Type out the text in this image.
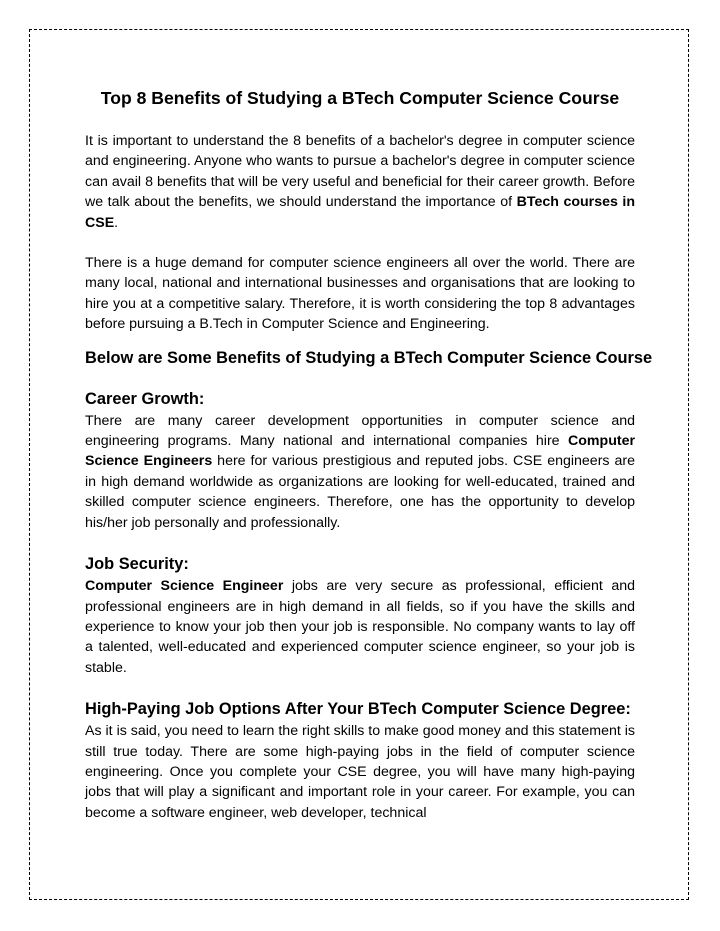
Top 8 Benefits of Studying a BTech Computer Science Course

It is important to understand the 8 benefits of a bachelor's degree in computer science and engineering. Anyone who wants to pursue a bachelor's degree in computer science can avail 8 benefits that will be very useful and beneficial for their career growth. Before we talk about the benefits, we should understand the importance of BTech courses in CSE.

There is a huge demand for computer science engineers all over the world. There are many local, national and international businesses and organisations that are looking to hire you at a competitive salary. Therefore, it is worth considering the top 8 advantages before pursuing a B.Tech in Computer Science and Engineering.

Below are Some Benefits of Studying a BTech Computer Science Course
Career Growth:

There are many career development opportunities in computer science and engineering programs. Many national and international companies hire Computer Science Engineers here for various prestigious and reputed jobs. CSE engineers are in high demand worldwide as organizations are looking for well-educated, trained and skilled computer science engineers. Therefore, one has the opportunity to develop his/her job personally and professionally.

Job Security:

Computer Science Engineer jobs are very secure as professional, efficient and professional engineers are in high demand in all fields, so if you have the skills and experience to know your job then your job is responsible. No company wants to lay off a talented, well-educated and experienced computer science engineer, so your job is stable.

High-Paying Job Options After Your BTech Computer Science Degree:

As it is said, you need to learn the right skills to make good money and this statement is still true today. There are some high-paying jobs in the field of computer science engineering. Once you complete your CSE degree, you will have many high-paying jobs that will play a significant and important role in your career. For example, you can become a software engineer, web developer, technical
